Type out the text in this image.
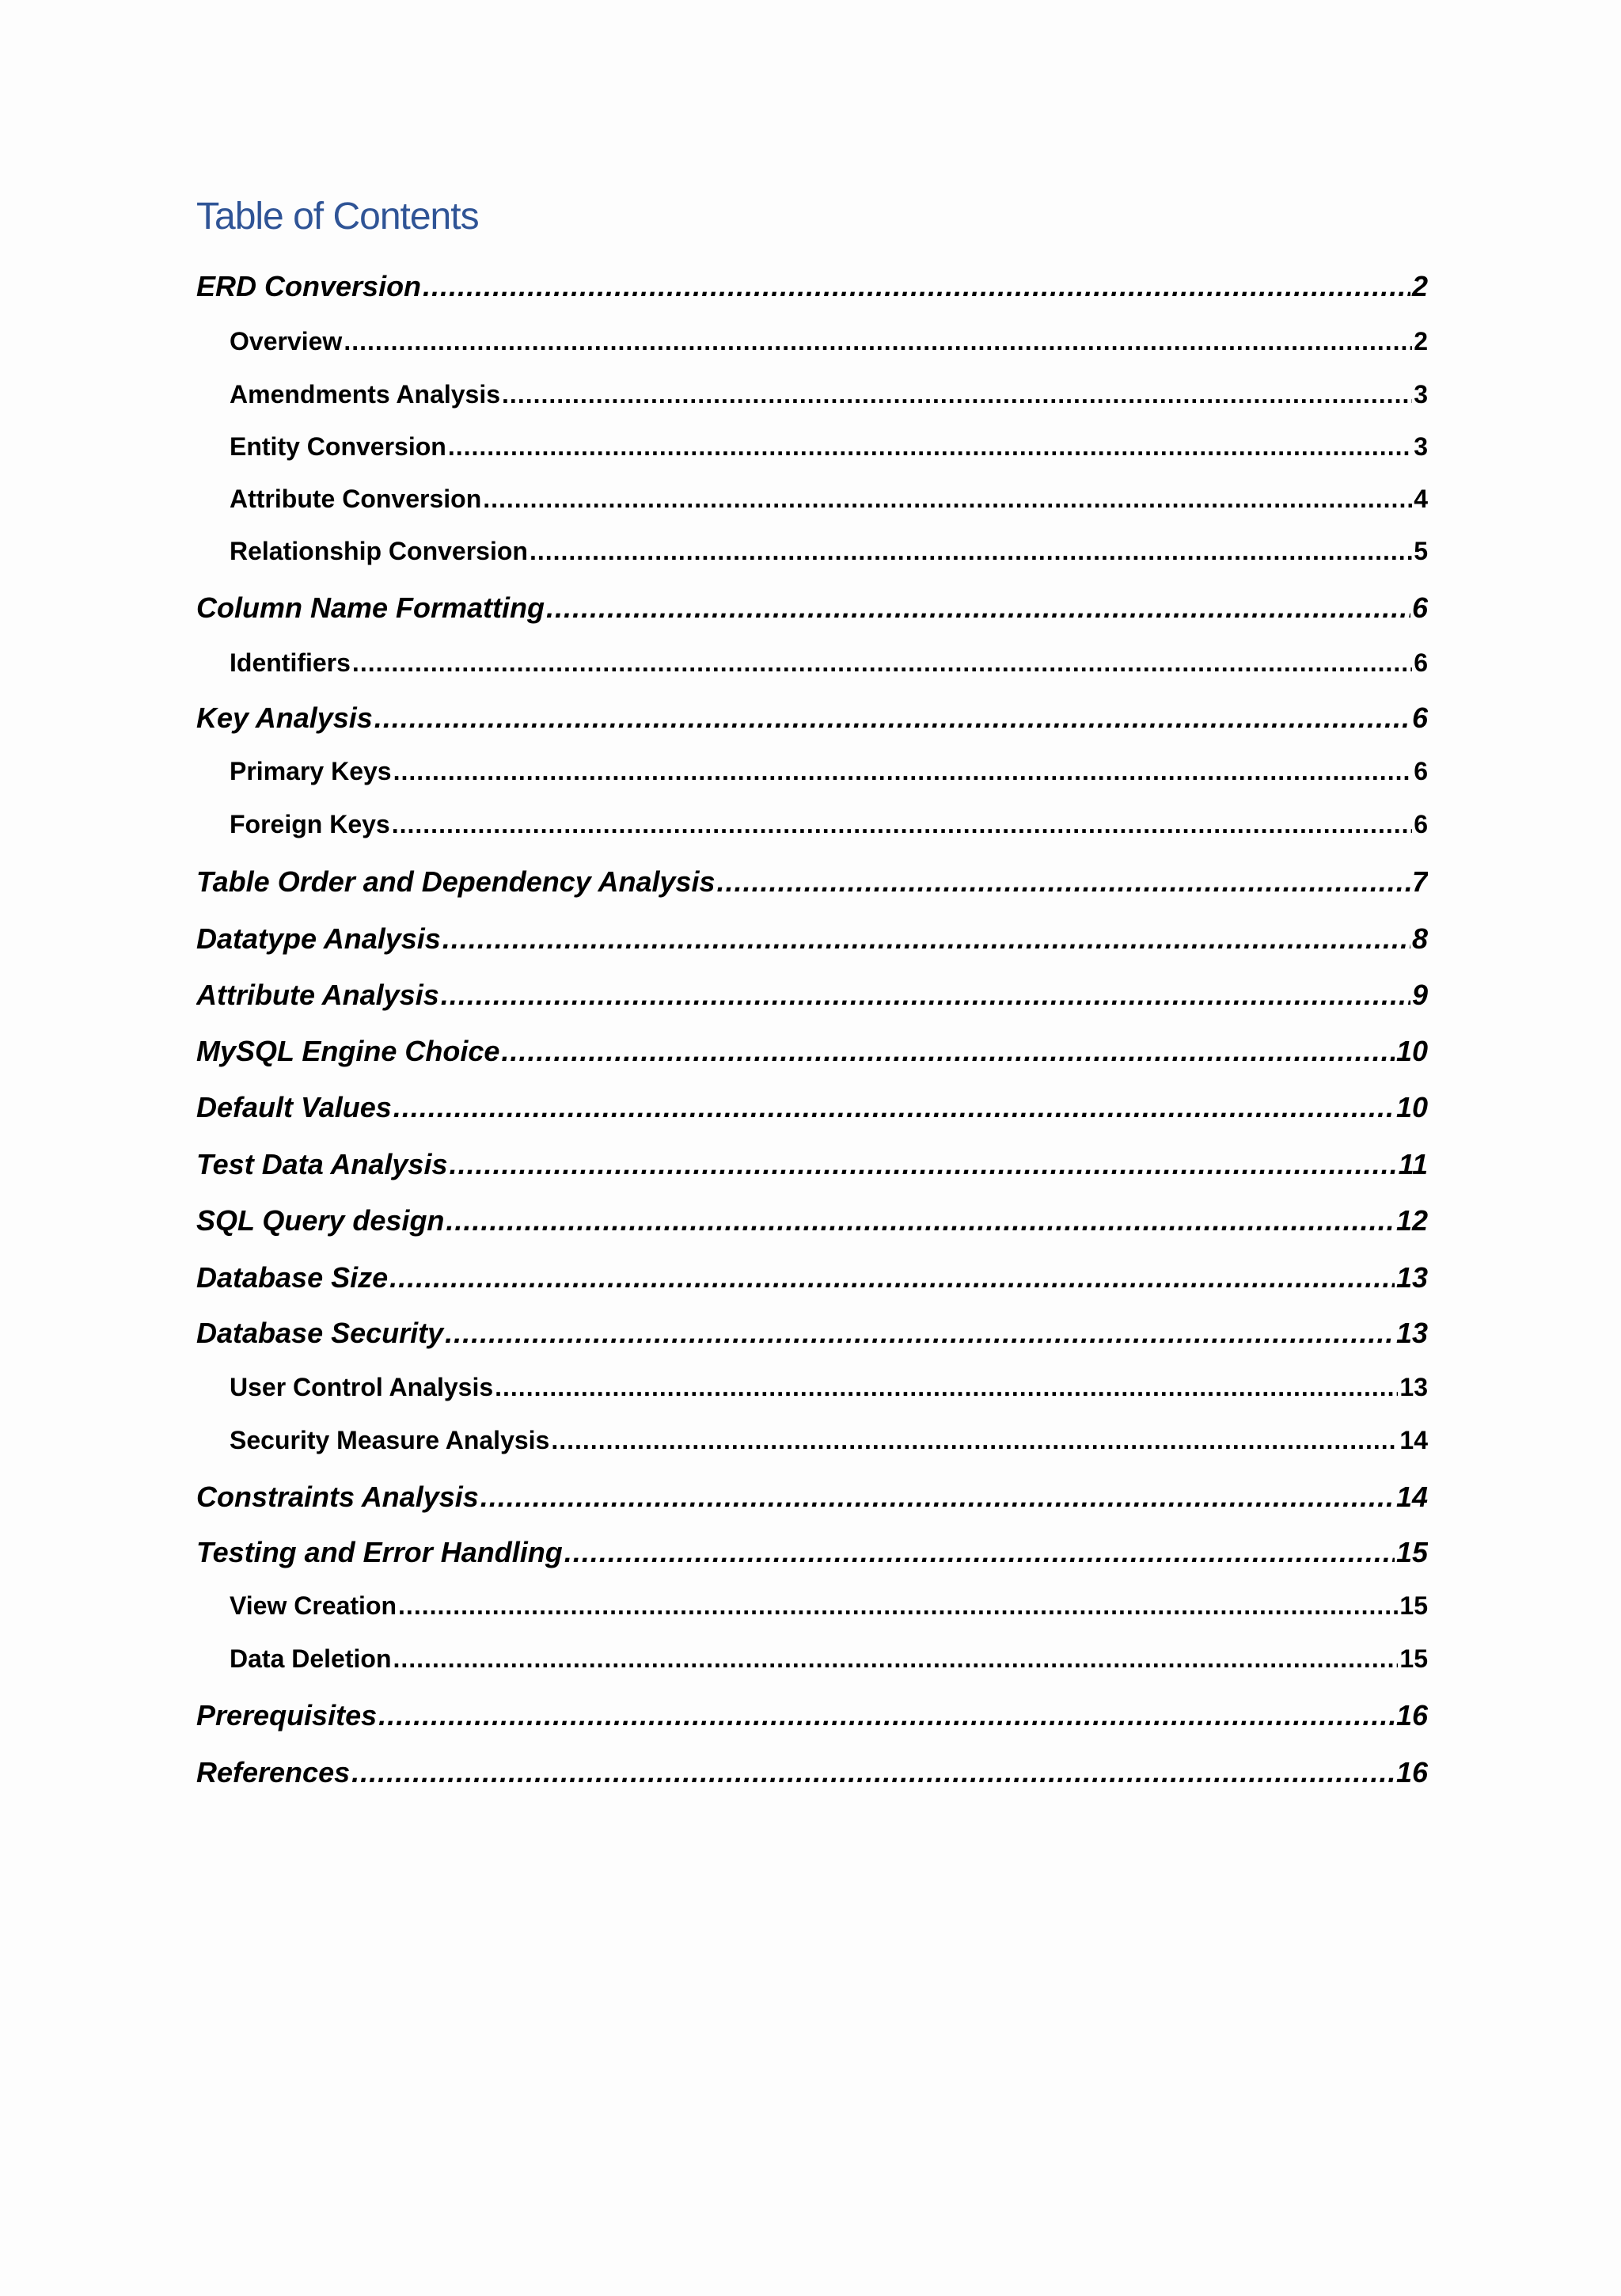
Table of Contents
ERD Conversion .....	2
Overview .....	2
Amendments Analysis .....	3
Entity Conversion .....	3
Attribute Conversion .....	4
Relationship Conversion .....	5
Column Name Formatting .....	6
Identifiers .....	6
Key Analysis .....	6
Primary Keys .....	6
Foreign Keys .....	6
Table Order and Dependency Analysis .....	7
Datatype Analysis .....	8
Attribute Analysis .....	9
MySQL Engine Choice .....	10
Default Values .....	10
Test Data Analysis .....	11
SQL Query design .....	12
Database Size .....	13
Database Security .....	13
User Control Analysis .....	13
Security Measure Analysis .....	14
Constraints Analysis .....	14
Testing and Error Handling .....	15
View Creation .....	15
Data Deletion .....	15
Prerequisites .....	16
References .....	16
